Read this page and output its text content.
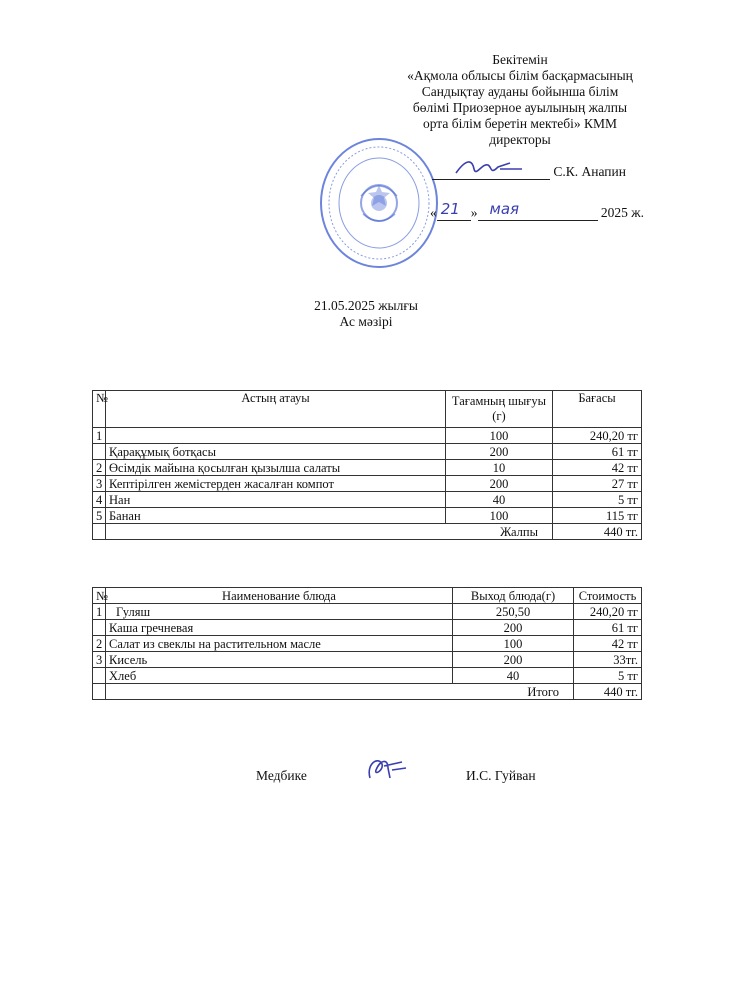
Бекітемін
«Ақмола облысы білім басқармасының
Сандықтау ауданы бойынша білім
бөлімі Приозерное ауылының жалпы
орта білім беретін мектебі» КММ
директоры
С.К. Анапин
« 21 » мая	2025 ж.
21.05.2025 жылғы
Ас мәзірі
№	Астың атауы	Тағамның шығуы (г)	Бағасы
1		100	240,20 тг
	Қарақұмық ботқасы	200	61 тг
2	Өсімдік майына қосылған қызылша салаты	10	42 тг
3	Кептірілген жемістерден жасалған компот	200	27 тг
4	Нан	40	5 тг
5	Банан	100	115 тг
	Жалпы		440 тг.
№	Наименование блюда	Выход блюда(г)	Стоимость
1	Гуляш	250,50	240,20 тг
	Каша гречневая	200	61 тг
2	Салат из свеклы на растительном масле	100	42 тг
3	Кисель	200	33тг.
	Хлеб	40	5 тг
	Итого		440 тг.
Медбике	И.С. Гуйван
